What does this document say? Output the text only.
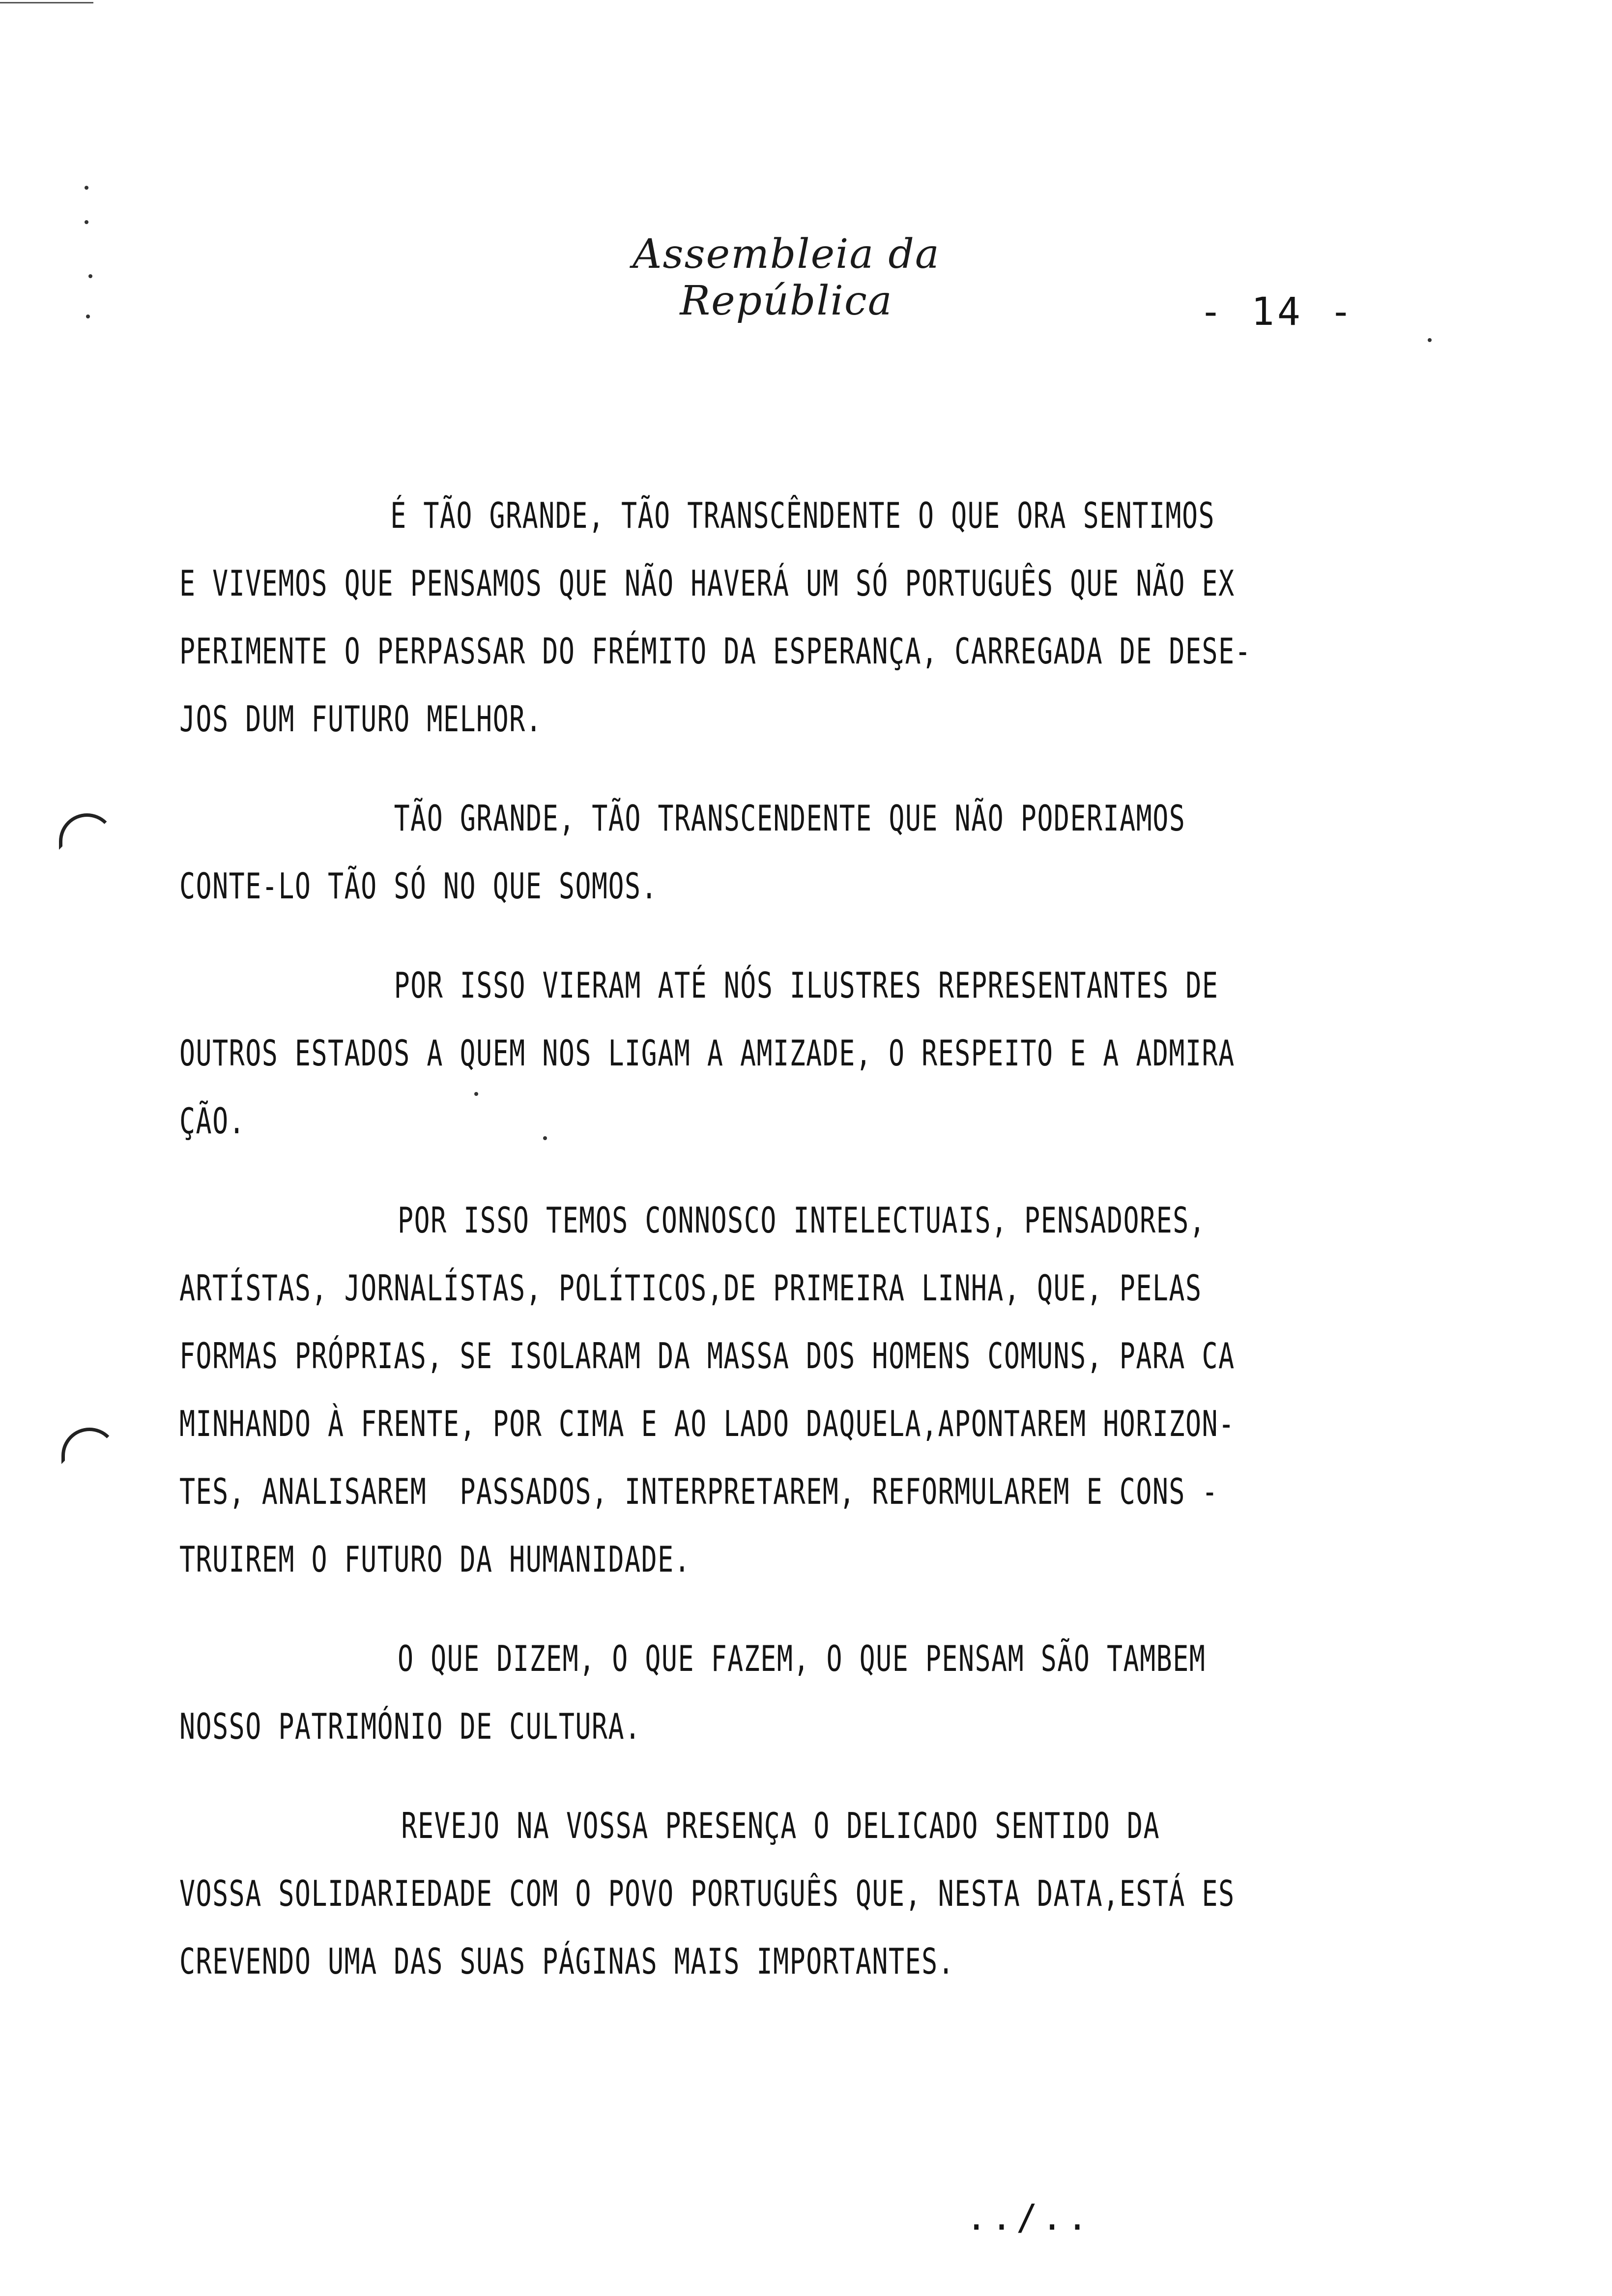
Assembleia da República	- 14 -
É TÃO GRANDE, TÃO TRANSCÊNDENTE O QUE ORA SENTIMOS
E VIVEMOS QUE PENSAMOS QUE NÃO HAVERÁ UM SÓ PORTUGUÊS QUE NÃO EX
PERIMENTE O PERPASSAR DO FRÉMITO DA ESPERANÇA, CARREGADA DE DESE-
JOS DUM FUTURO MELHOR.
TÃO GRANDE, TÃO TRANSCENDENTE QUE NÃO PODERIAMOS
CONTE-LO TÃO SÓ NO QUE SOMOS.
POR ISSO VIERAM ATÉ NÓS ILUSTRES REPRESENTANTES DE
OUTROS ESTADOS A QUEM NOS LIGAM A AMIZADE, O RESPEITO E A ADMIRA
ÇÃO.
POR ISSO TEMOS CONNOSCO INTELECTUAIS, PENSADORES,
ARTÍSTAS, JORNALÍSTAS, POLÍTICOS,DE PRIMEIRA LINHA, QUE, PELAS
FORMAS PRÓPRIAS, SE ISOLARAM DA MASSA DOS HOMENS COMUNS, PARA CA
MINHANDO À FRENTE, POR CIMA E AO LADO DAQUELA,APONTAREM HORIZON-
TES, ANALISAREM  PASSADOS, INTERPRETAREM, REFORMULAREM E CONS -
TRUIREM O FUTURO DA HUMANIDADE.
O QUE DIZEM, O QUE FAZEM, O QUE PENSAM SÃO TAMBEM
NOSSO PATRIMÓNIO DE CULTURA.
REVEJO NA VOSSA PRESENÇA O DELICADO SENTIDO DA
VOSSA SOLIDARIEDADE COM O POVO PORTUGUÊS QUE, NESTA DATA,ESTÁ ES
CREVENDO UMA DAS SUAS PÁGINAS MAIS IMPORTANTES.
../..
